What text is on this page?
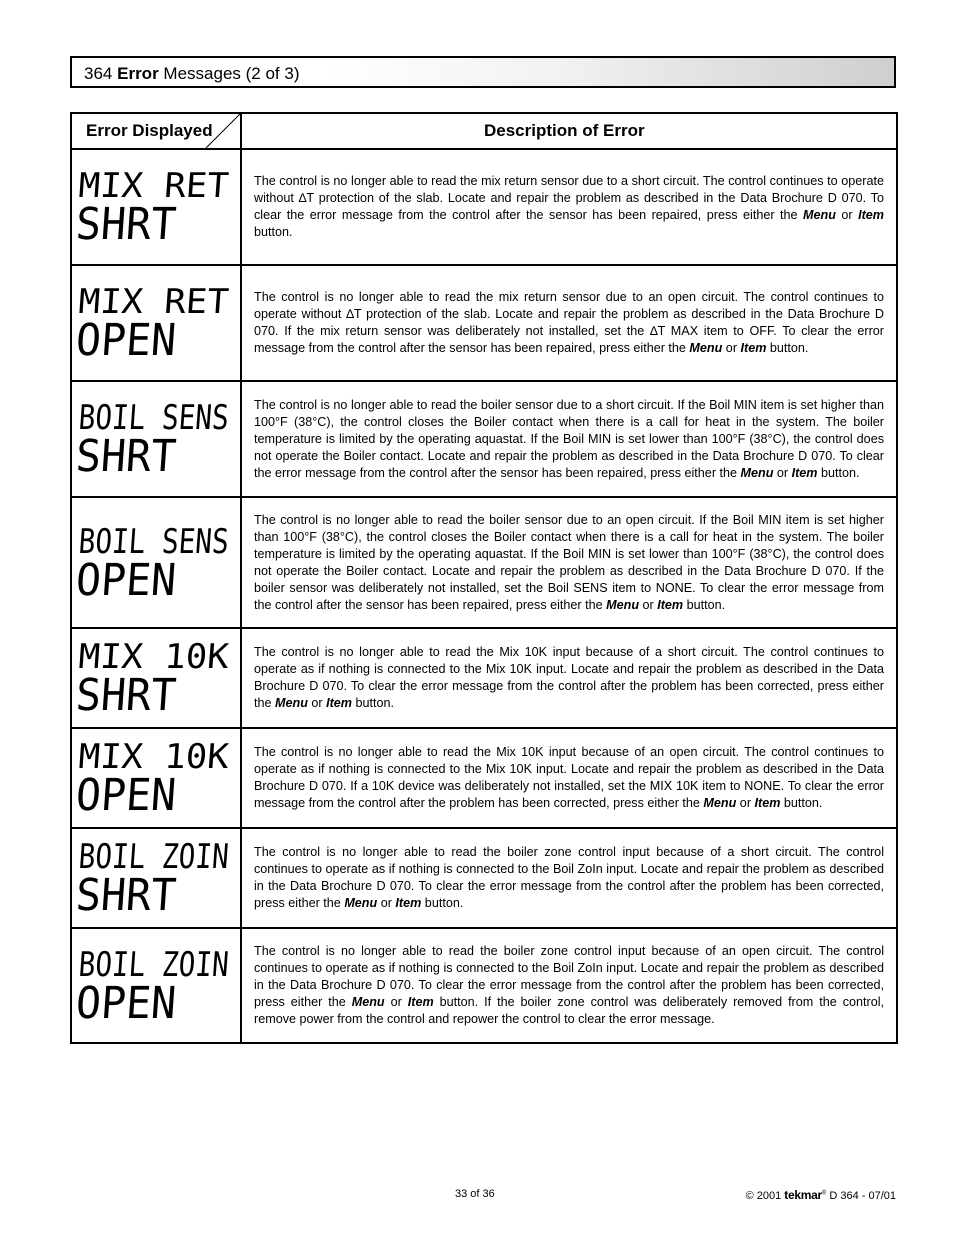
364 Error Messages (2 of 3)
Error Displayed	Description of Error

MIX RET
SHRT	The control is no longer able to read the mix return sensor due to a short circuit. The control continues to operate without ∆T protection of the slab. Locate and repair the problem as described in the Data Brochure D 070. To clear the error message from the control after the sensor has been repaired, press either the Menu or Item button.

MIX RET
OPEN	The control is no longer able to read the mix return sensor due to an open circuit. The control continues to operate without ∆T protection of the slab. Locate and repair the problem as described in the Data Brochure D 070. If the mix return sensor was deliberately not installed, set the ∆T MAX item to OFF. To clear the error message from the control after the sensor has been repaired, press either the Menu or Item button.

BOIL SENS
SHRT	The control is no longer able to read the boiler sensor due to a short circuit. If the Boil MIN item is set higher than 100°F (38°C), the control closes the Boiler contact when there is a call for heat in the system. The boiler temperature is limited by the operating aquastat. If the Boil MIN is set lower than 100°F (38°C), the control does not operate the Boiler contact. Locate and repair the problem as described in the Data Brochure D 070. To clear the error message from the control after the sensor has been repaired, press either the Menu or Item button.

BOIL SENS
OPEN	The control is no longer able to read the boiler sensor due to an open circuit. If the Boil MIN item is set higher than 100°F (38°C), the control closes the Boiler contact when there is a call for heat in the system. The boiler temperature is limited by the operating aquastat. If the Boil MIN is set lower than 100°F (38°C), the control does not operate the Boiler contact. Locate and repair the problem as described in the Data Brochure D 070. If the boiler sensor was deliberately not installed, set the Boil SENS item to NONE. To clear the error message from the control after the sensor has been repaired, press either the Menu or Item button.

MIX 10K
SHRT	The control is no longer able to read the Mix 10K input because of a short circuit. The control continues to operate as if nothing is connected to the Mix 10K input. Locate and repair the problem as described in the Data Brochure D 070. To clear the error message from the control after the problem has been corrected, press either the Menu or Item button.

MIX 10K
OPEN	The control is no longer able to read the Mix 10K input because of an open circuit. The control continues to operate as if nothing is connected to the Mix 10K input. Locate and repair the problem as described in the Data Brochure D 070. If a 10K device was deliberately not installed, set the MIX 10K item to NONE. To clear the error message from the control after the problem has been corrected, press either the Menu or Item button.

BOIL ZOIN
SHRT	The control is no longer able to read the boiler zone control input because of a short circuit. The control continues to operate as if nothing is connected to the Boil ZoIn input. Locate and repair the problem as described in the Data Brochure D 070. To clear the error message from the control after the problem has been corrected, press either the Menu or Item button.

BOIL ZOIN
OPEN	The control is no longer able to read the boiler zone control input because of an open circuit. The control continues to operate as if nothing is connected to the Boil ZoIn input. Locate and repair the problem as described in the Data Brochure D 070. To clear the error message from the control after the problem has been corrected, press either the Menu or Item button. If the boiler zone control was deliberately removed from the control, remove power from the control and repower the control to clear the error message.
33 of 36	© 2001 tekmar® D 364 - 07/01
